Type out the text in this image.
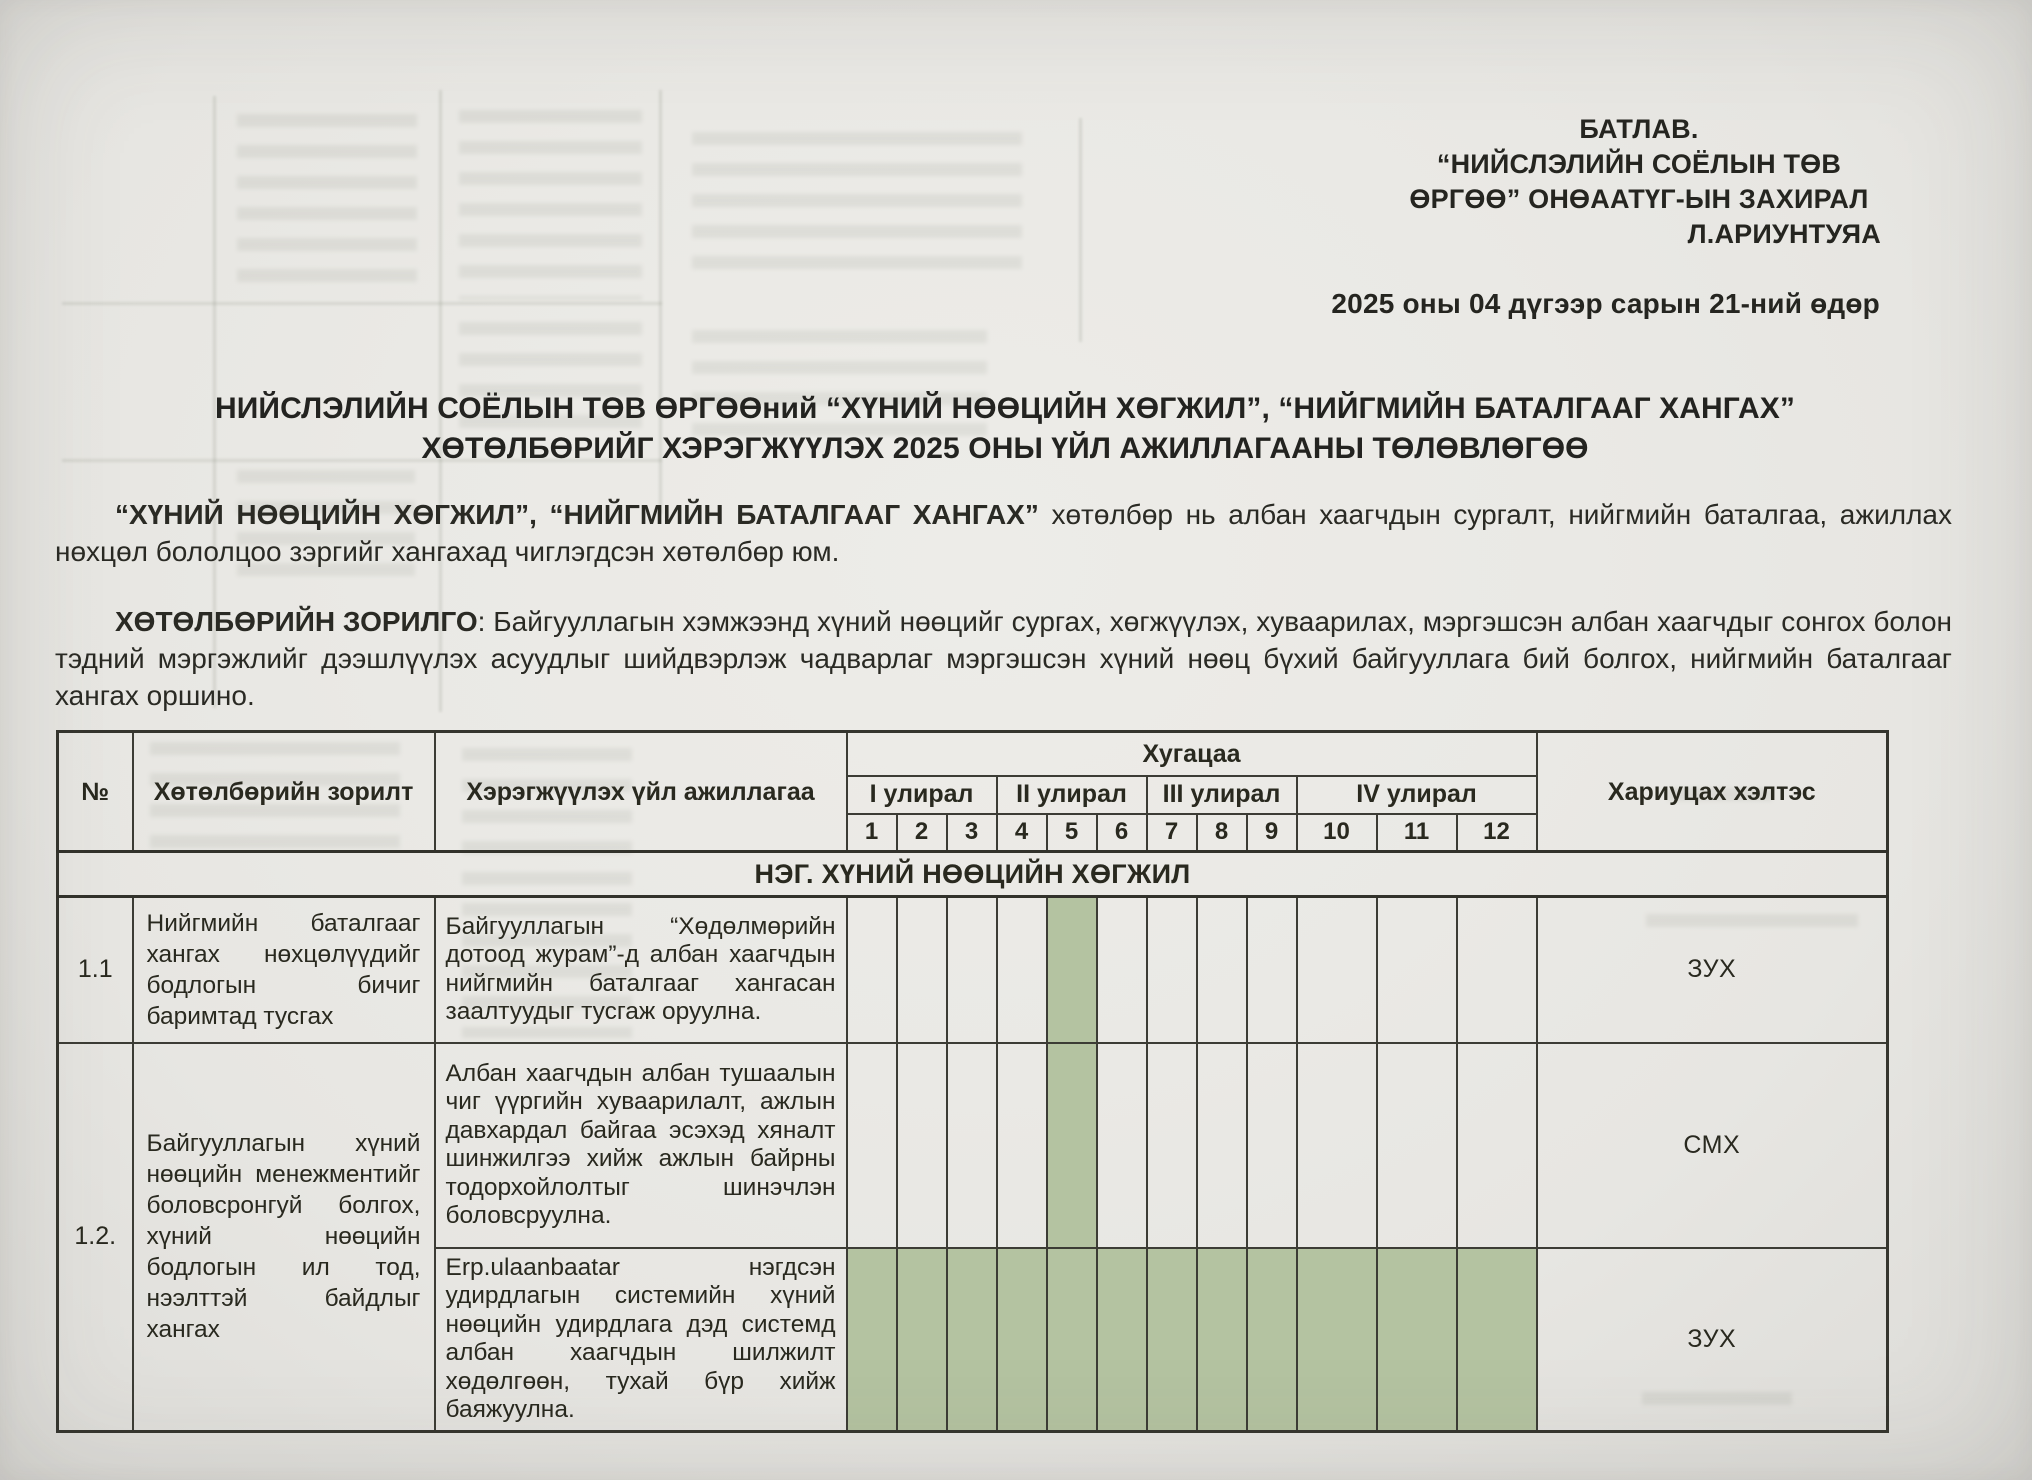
БАТЛАВ.
“НИЙСЛЭЛИЙН СОЁЛЫН ТӨВ
ӨРГӨӨ” ОНӨААТҮГ-ЫН ЗАХИРАЛ
Л.АРИУНТУЯА
2025 оны 04 дүгээр сарын 21-ний өдөр
НИЙСЛЭЛИЙН СОЁЛЫН ТӨВ ӨРГӨӨний “ХҮНИЙ НӨӨЦИЙН ХӨГЖИЛ”, “НИЙГМИЙН БАТАЛГААГ ХАНГАХ”
ХӨТӨЛБӨРИЙГ ХЭРЭГЖҮҮЛЭХ 2025 ОНЫ ҮЙЛ АЖИЛЛАГААНЫ ТӨЛӨВЛӨГӨӨ

“ХҮНИЙ НӨӨЦИЙН ХӨГЖИЛ”, “НИЙГМИЙН БАТАЛГААГ ХАНГАХ” хөтөлбөр нь албан хаагчдын сургалт, нийгмийн баталгаа, ажиллах нөхцөл бололцоо зэргийг хангахад чиглэгдсэн хөтөлбөр юм.

ХӨТӨЛБӨРИЙН ЗОРИЛГО: Байгууллагын хэмжээнд хүний нөөцийг сургах, хөгжүүлэх, хуваарилах, мэргэшсэн албан хаагчдыг сонгох болон тэдний мэргэжлийг дээшлүүлэх асуудлыг шийдвэрлэж чадварлаг мэргэшсэн хүний нөөц бүхий байгууллага бий болгох, нийгмийн баталгааг хангах оршино.

№	Хөтөлбөрийн зорилт	Хэрэгжүүлэх үйл ажиллагаа	Хугацаа												Хариуцах хэлтэс
			I улирал			II улирал			III улирал			IV улирал			
			1	2	3	4	5	6	7	8	9	10	11	12	
НЭГ. ХҮНИЙ НӨӨЦИЙН ХӨГЖИЛ															
1.1	Нийгмийн баталгааг хангах нөхцөлүүдийг бодлогын бичиг баримтад тусгах	Байгууллагын “Хөдөлмөрийн дотоод журам”-д албан хаагчдын нийгмийн баталгааг хангасан заалтуудыг тусгаж оруулна.													ЗУХ
1.2.	Байгууллагын хүний нөөцийн менежментийг боловсронгуй болгох, хүний нөөцийн бодлогын ил тод, нээлттэй байдлыг хангах	Албан хаагчдын албан тушаалын чиг үүргийн хуваарилалт, ажлын давхардал байгаа эсэхэд хяналт шинжилгээ хийж ажлын байрны тодорхойлолтыг шинэчлэн боловсруулна.													СМХ
		Erp.ulaanbaatar нэгдсэн удирдлагын системийн хүний нөөцийн удирдлага дэд системд албан хаагчдын шилжилт хөдөлгөөн, тухай бүр хийж баяжуулна.													ЗУХ
